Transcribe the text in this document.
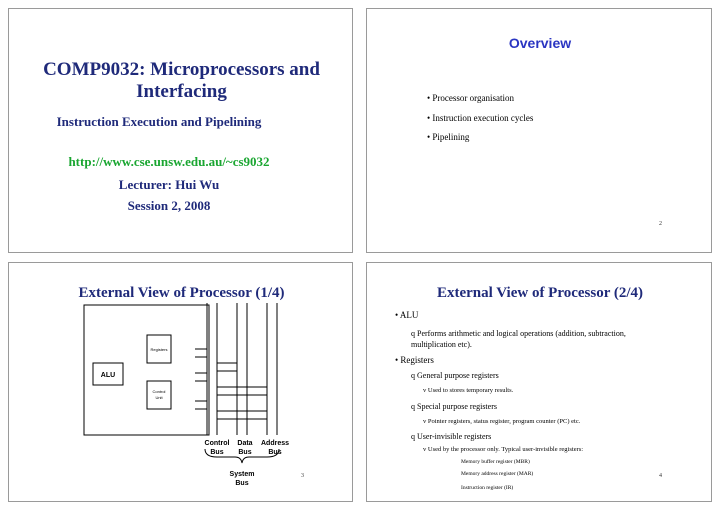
COMP9032: Microprocessors and
Interfacing
Instruction Execution and Pipelining
http://www.cse.unsw.edu.au/~cs9032
Lecturer: Hui Wu
Session 2, 2008
Overview
• Processor organisation
• Instruction execution cycles
• Pipelining
2
External View of Processor (1/4)
ALU
Registers
Control
Unit
Control
Bus
Data
Bus
Address
Bus
System
Bus
3
External View of Processor (2/4)
• ALU
q Performs arithmetic and logical operations (addition, subtraction,
multiplication etc).
• Registers
q General purpose registers
v Used to stores temporary results.
q Special purpose registers
v Pointer registers, status register, program counter (PC) etc.
q User-invisible registers
v Used by the processor only. Typical user-invisible registers:
Memory buffer register (MBR)
Memory address register (MAR)
Instruction register (IR)
4
